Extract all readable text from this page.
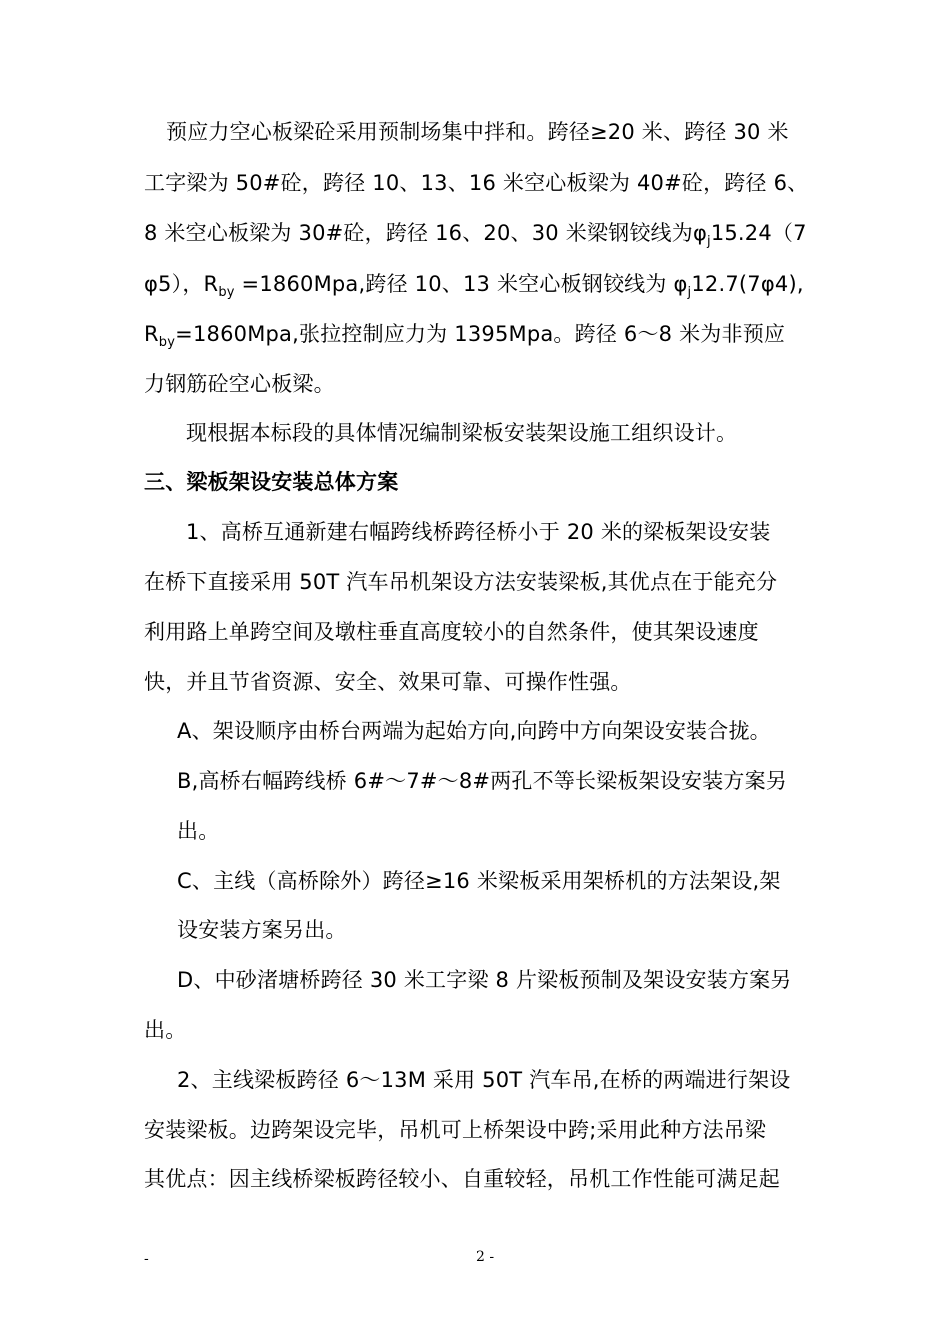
预应力空心板梁砼采用预制场集中拌和。跨径≥20 米、跨径 30 米
工字梁为 50#砼，跨径 10、13、16 米空心板梁为 40#砼，跨径 6、
8 米空心板梁为 30#砼，跨径 16、20、30 米梁钢铰线为$\varphi_j15.24(7$
φ5），$R_{by} =1860Mpa$,跨径 10、13 米空心板钢铰线为 $\varphi_j12.7(7\varphi 4)$,
$R_{by}=1860Mpa$,张拉控制应力为 1395Mpa。跨径 6～8 米为非预应
力钢筋砼空心板梁。
现根据本标段的具体情况编制梁板安装架设施工组织设计。
三、梁板架设安装总体方案
1、高桥互通新建右幅跨线桥跨径桥小于 20 米的梁板架设安装
在桥下直接采用 50T 汽车吊机架设方法安装梁板,其优点在于能充分
利用路上单跨空间及墩柱垂直高度较小的自然条件，使其架设速度
快，并且节省资源、安全、效果可靠、可操作性强。
A、架设顺序由桥台两端为起始方向,向跨中方向架设安装合拢。
B,高桥右幅跨线桥 6#～7#～8#两孔不等长梁板架设安装方案另
出。
C、主线（高桥除外）跨径≥16 米梁板采用架桥机的方法架设,架
设安装方案另出。
D、中砂渚塘桥跨径 30 米工字梁 8 片梁板预制及架设安装方案另
出。
2、主线梁板跨径 6～13M 采用 50T 汽车吊,在桥的两端进行架设
安装梁板。边跨架设完毕，吊机可上桥架设中跨;采用此种方法吊梁
其优点：因主线桥梁板跨径较小、自重较轻，吊机工作性能可满足起
-	2 -
